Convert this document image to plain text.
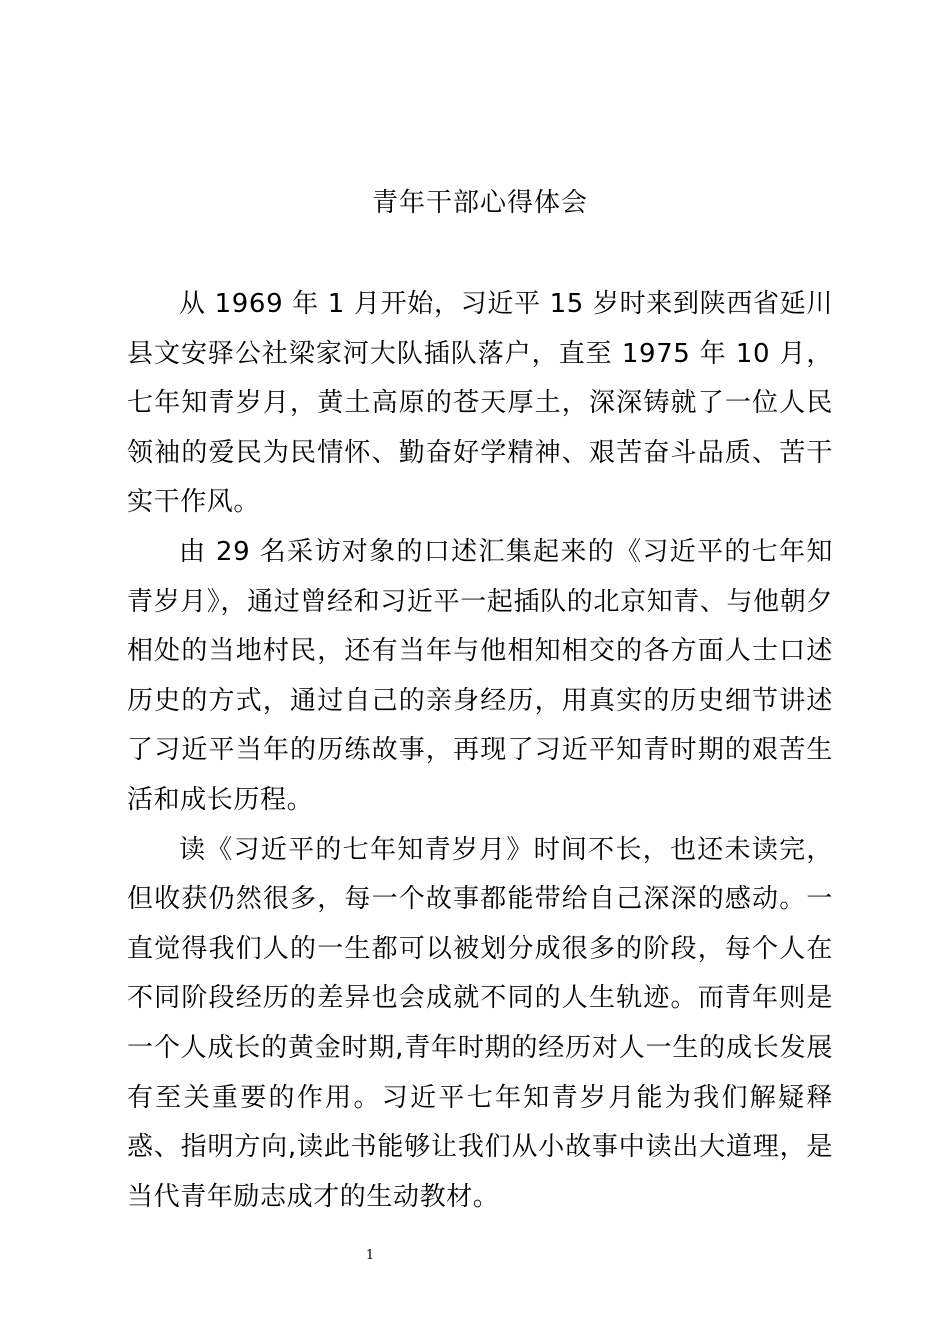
青年干部心得体会

从 1969 年 1 月开始，习近平 15 岁时来到陕西省延川县文安驿公社梁家河大队插队落户，直至 1975 年 10 月，七年知青岁月，黄土高原的苍天厚土，深深铸就了一位人民领袖的爱民为民情怀、勤奋好学精神、艰苦奋斗品质、苦干实干作风。

由 29 名采访对象的口述汇集起来的《习近平的七年知青岁月》，通过曾经和习近平一起插队的北京知青、与他朝夕相处的当地村民，还有当年与他相知相交的各方面人士口述历史的方式，通过自己的亲身经历，用真实的历史细节讲述了习近平当年的历练故事，再现了习近平知青时期的艰苦生活和成长历程。

读《习近平的七年知青岁月》时间不长，也还未读完，但收获仍然很多，每一个故事都能带给自己深深的感动。一直觉得我们人的一生都可以被划分成很多的阶段，每个人在不同阶段经历的差异也会成就不同的人生轨迹。而青年则是一个人成长的黄金时期,青年时期的经历对人一生的成长发展有至关重要的作用。习近平七年知青岁月能为我们解疑释惑、指明方向,读此书能够让我们从小故事中读出大道理，是当代青年励志成才的生动教材。

1
